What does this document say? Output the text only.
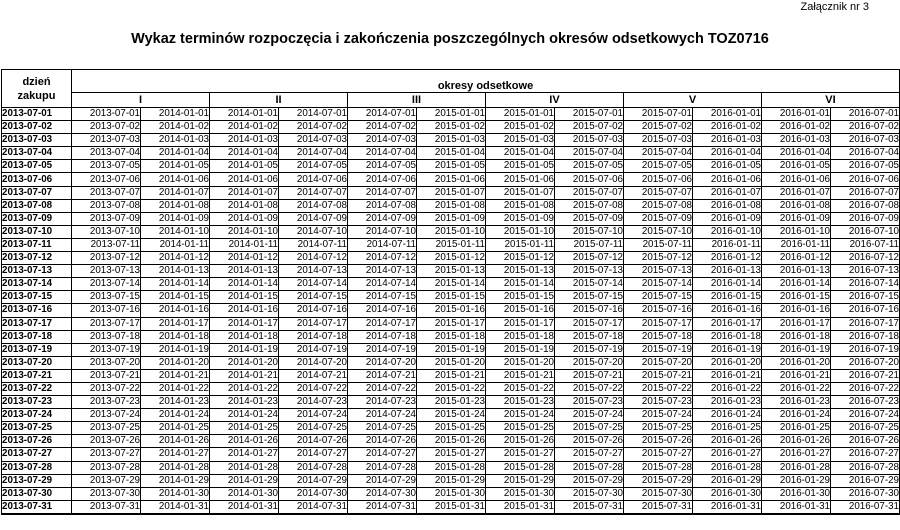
Załącznik nr 3
Wykaz terminów rozpoczęcia i zakończenia poszczególnych okresów odsetkowych TOZ0716
dzień
zakupu	okresy odsetkowe											
	I		II		III		IV		V		VI	
2013-07-01	2013-07-01	2014-01-01	2014-01-01	2014-07-01	2014-07-01	2015-01-01	2015-01-01	2015-07-01	2015-07-01	2016-01-01	2016-01-01	2016-07-01
2013-07-02	2013-07-02	2014-01-02	2014-01-02	2014-07-02	2014-07-02	2015-01-02	2015-01-02	2015-07-02	2015-07-02	2016-01-02	2016-01-02	2016-07-02
2013-07-03	2013-07-03	2014-01-03	2014-01-03	2014-07-03	2014-07-03	2015-01-03	2015-01-03	2015-07-03	2015-07-03	2016-01-03	2016-01-03	2016-07-03
2013-07-04	2013-07-04	2014-01-04	2014-01-04	2014-07-04	2014-07-04	2015-01-04	2015-01-04	2015-07-04	2015-07-04	2016-01-04	2016-01-04	2016-07-04
2013-07-05	2013-07-05	2014-01-05	2014-01-05	2014-07-05	2014-07-05	2015-01-05	2015-01-05	2015-07-05	2015-07-05	2016-01-05	2016-01-05	2016-07-05
2013-07-06	2013-07-06	2014-01-06	2014-01-06	2014-07-06	2014-07-06	2015-01-06	2015-01-06	2015-07-06	2015-07-06	2016-01-06	2016-01-06	2016-07-06
2013-07-07	2013-07-07	2014-01-07	2014-01-07	2014-07-07	2014-07-07	2015-01-07	2015-01-07	2015-07-07	2015-07-07	2016-01-07	2016-01-07	2016-07-07
2013-07-08	2013-07-08	2014-01-08	2014-01-08	2014-07-08	2014-07-08	2015-01-08	2015-01-08	2015-07-08	2015-07-08	2016-01-08	2016-01-08	2016-07-08
2013-07-09	2013-07-09	2014-01-09	2014-01-09	2014-07-09	2014-07-09	2015-01-09	2015-01-09	2015-07-09	2015-07-09	2016-01-09	2016-01-09	2016-07-09
2013-07-10	2013-07-10	2014-01-10	2014-01-10	2014-07-10	2014-07-10	2015-01-10	2015-01-10	2015-07-10	2015-07-10	2016-01-10	2016-01-10	2016-07-10
2013-07-11	2013-07-11	2014-01-11	2014-01-11	2014-07-11	2014-07-11	2015-01-11	2015-01-11	2015-07-11	2015-07-11	2016-01-11	2016-01-11	2016-07-11
2013-07-12	2013-07-12	2014-01-12	2014-01-12	2014-07-12	2014-07-12	2015-01-12	2015-01-12	2015-07-12	2015-07-12	2016-01-12	2016-01-12	2016-07-12
2013-07-13	2013-07-13	2014-01-13	2014-01-13	2014-07-13	2014-07-13	2015-01-13	2015-01-13	2015-07-13	2015-07-13	2016-01-13	2016-01-13	2016-07-13
2013-07-14	2013-07-14	2014-01-14	2014-01-14	2014-07-14	2014-07-14	2015-01-14	2015-01-14	2015-07-14	2015-07-14	2016-01-14	2016-01-14	2016-07-14
2013-07-15	2013-07-15	2014-01-15	2014-01-15	2014-07-15	2014-07-15	2015-01-15	2015-01-15	2015-07-15	2015-07-15	2016-01-15	2016-01-15	2016-07-15
2013-07-16	2013-07-16	2014-01-16	2014-01-16	2014-07-16	2014-07-16	2015-01-16	2015-01-16	2015-07-16	2015-07-16	2016-01-16	2016-01-16	2016-07-16
2013-07-17	2013-07-17	2014-01-17	2014-01-17	2014-07-17	2014-07-17	2015-01-17	2015-01-17	2015-07-17	2015-07-17	2016-01-17	2016-01-17	2016-07-17
2013-07-18	2013-07-18	2014-01-18	2014-01-18	2014-07-18	2014-07-18	2015-01-18	2015-01-18	2015-07-18	2015-07-18	2016-01-18	2016-01-18	2016-07-18
2013-07-19	2013-07-19	2014-01-19	2014-01-19	2014-07-19	2014-07-19	2015-01-19	2015-01-19	2015-07-19	2015-07-19	2016-01-19	2016-01-19	2016-07-19
2013-07-20	2013-07-20	2014-01-20	2014-01-20	2014-07-20	2014-07-20	2015-01-20	2015-01-20	2015-07-20	2015-07-20	2016-01-20	2016-01-20	2016-07-20
2013-07-21	2013-07-21	2014-01-21	2014-01-21	2014-07-21	2014-07-21	2015-01-21	2015-01-21	2015-07-21	2015-07-21	2016-01-21	2016-01-21	2016-07-21
2013-07-22	2013-07-22	2014-01-22	2014-01-22	2014-07-22	2014-07-22	2015-01-22	2015-01-22	2015-07-22	2015-07-22	2016-01-22	2016-01-22	2016-07-22
2013-07-23	2013-07-23	2014-01-23	2014-01-23	2014-07-23	2014-07-23	2015-01-23	2015-01-23	2015-07-23	2015-07-23	2016-01-23	2016-01-23	2016-07-23
2013-07-24	2013-07-24	2014-01-24	2014-01-24	2014-07-24	2014-07-24	2015-01-24	2015-01-24	2015-07-24	2015-07-24	2016-01-24	2016-01-24	2016-07-24
2013-07-25	2013-07-25	2014-01-25	2014-01-25	2014-07-25	2014-07-25	2015-01-25	2015-01-25	2015-07-25	2015-07-25	2016-01-25	2016-01-25	2016-07-25
2013-07-26	2013-07-26	2014-01-26	2014-01-26	2014-07-26	2014-07-26	2015-01-26	2015-01-26	2015-07-26	2015-07-26	2016-01-26	2016-01-26	2016-07-26
2013-07-27	2013-07-27	2014-01-27	2014-01-27	2014-07-27	2014-07-27	2015-01-27	2015-01-27	2015-07-27	2015-07-27	2016-01-27	2016-01-27	2016-07-27
2013-07-28	2013-07-28	2014-01-28	2014-01-28	2014-07-28	2014-07-28	2015-01-28	2015-01-28	2015-07-28	2015-07-28	2016-01-28	2016-01-28	2016-07-28
2013-07-29	2013-07-29	2014-01-29	2014-01-29	2014-07-29	2014-07-29	2015-01-29	2015-01-29	2015-07-29	2015-07-29	2016-01-29	2016-01-29	2016-07-29
2013-07-30	2013-07-30	2014-01-30	2014-01-30	2014-07-30	2014-07-30	2015-01-30	2015-01-30	2015-07-30	2015-07-30	2016-01-30	2016-01-30	2016-07-30
2013-07-31	2013-07-31	2014-01-31	2014-01-31	2014-07-31	2014-07-31	2015-01-31	2015-01-31	2015-07-31	2015-07-31	2016-01-31	2016-01-31	2016-07-31
